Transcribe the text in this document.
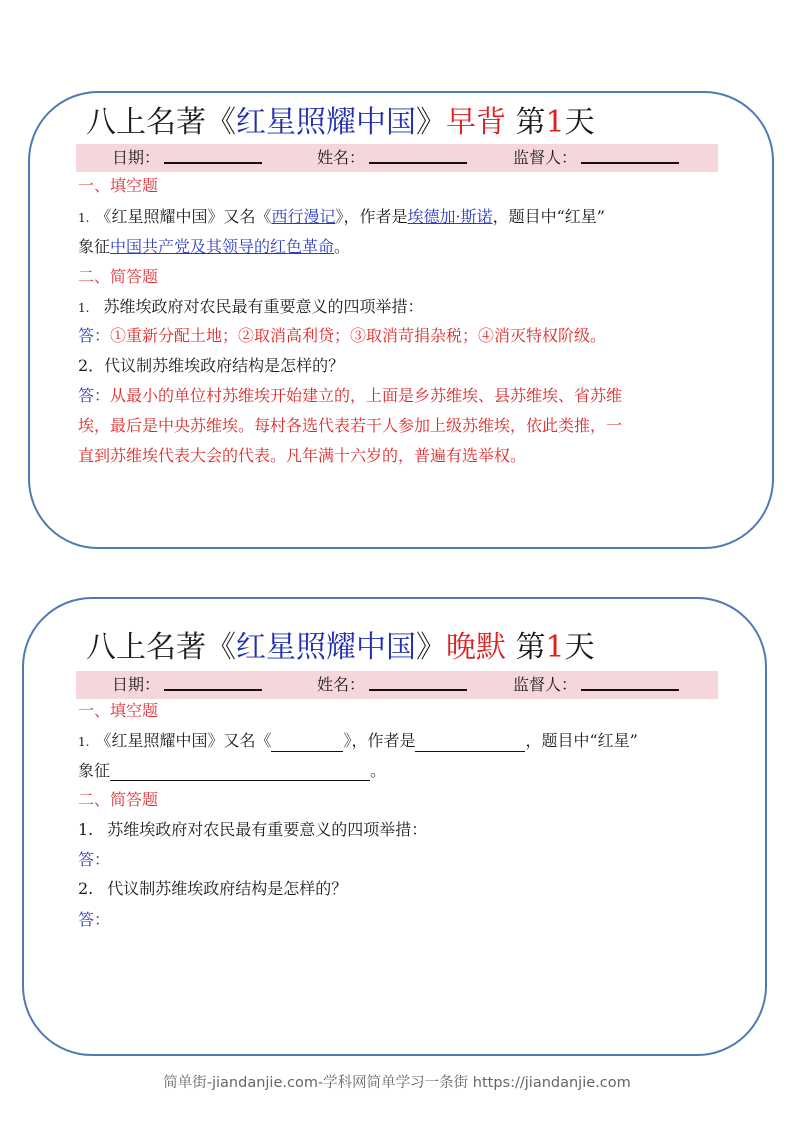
八上名著《红星照耀中国》早背 第1天
日期：	姓名：	监督人：
一、填空题
1. 《红星照耀中国》又名《西行漫记》，作者是埃德加·斯诺，题目中“红星”
象征中国共产党及其领导的红色革命。
二、简答题
1. 苏维埃政府对农民最有重要意义的四项举措：
答：①重新分配土地；②取消高利贷；③取消苛捐杂税；④消灭特权阶级。
2．代议制苏维埃政府结构是怎样的？
答：从最小的单位村苏维埃开始建立的，上面是乡苏维埃、县苏维埃、省苏维
埃，最后是中央苏维埃。每村各选代表若干人参加上级苏维埃，依此类推，一
直到苏维埃代表大会的代表。凡年满十六岁的，普遍有选举权。
八上名著《红星照耀中国》晚默 第1天
日期：	姓名：	监督人：
一、填空题
1. 《红星照耀中国》又名《	》，作者是	，题目中“红星”
象征	。
二、简答题
1. 苏维埃政府对农民最有重要意义的四项举措：
答：
2. 代议制苏维埃政府结构是怎样的？
答：
简单街-jiandanjie.com-学科网简单学习一条街 https://jiandanjie.com
